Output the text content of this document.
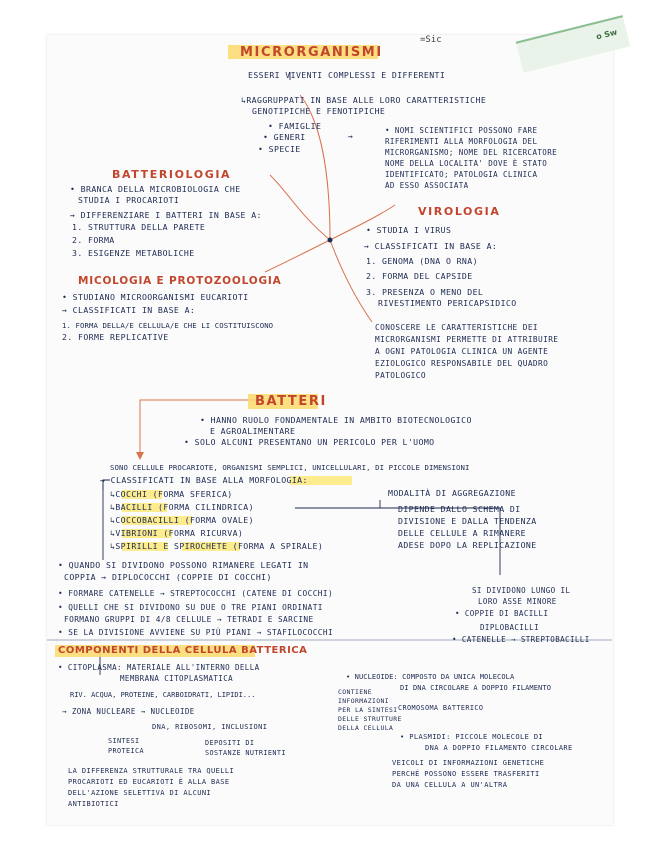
o Sw
=Sic
MICRORGANISMI
ESSERI VIVENTI COMPLESSI E DIFFERENTI
↳RAGGRUPPATI IN BASE ALLE LORO CARATTERISTICHE
GENOTIPICHE E FENOTIPICHE
• FAMIGLIE
• GENERI
• SPECIE
→
• NOMI SCIENTIFICI POSSONO FARE
RIFERIMENTI ALLA MORFOLOGIA DEL
MICRORGANISMO; NOME DEL RICERCATORE
NOME DELLA LOCALITA' DOVE È STATO
IDENTIFICATO; PATOLOGIA CLINICA
AD ESSO ASSOCIATA
BATTERIOLOGIA
• BRANCA DELLA MICROBIOLOGIA CHE
STUDIA I PROCARIOTI
→ DIFFERENZIARE I BATTERI IN BASE A:
1. STRUTTURA DELLA PARETE
2. FORMA
3. ESIGENZE METABOLICHE
VIROLOGIA
• STUDIA I VIRUS
→ CLASSIFICATI IN BASE A:
1. GENOMA (DNA O RNA)
2. FORMA DEL CAPSIDE
3. PRESENZA O MENO DEL
RIVESTIMENTO PERICAPSIDICO
MICOLOGIA E PROTOZOOLOGIA
• STUDIANO MICROORGANISMI EUCARIOTI
→ CLASSIFICATI IN BASE A:
1. FORMA DELLA/E CELLULA/E CHE LI COSTITUISCONO
2. FORME REPLICATIVE
CONOSCERE LE CARATTERISTICHE DEI
MICRORGANISMI PERMETTE DI ATTRIBUIRE
A OGNI PATOLOGIA CLINICA UN AGENTE
EZIOLOGICO RESPONSABILE DEL QUADRO
PATOLOGICO
BATTERI
• HANNO RUOLO FONDAMENTALE IN AMBITO BIOTECNOLOGICO
E AGROALIMENTARE
• SOLO ALCUNI PRESENTANO UN PERICOLO PER L'UOMO
SONO CELLULE PROCARIOTE, ORGANISMI SEMPLICI, UNICELLULARI, DI PICCOLE DIMENSIONI
→ CLASSIFICATI IN BASE ALLA MORFOLOGIA:
↳COCCHI (FORMA SFERICA)
↳BACILLI (FORMA CILINDRICA)
↳COCCOBACILLI (FORMA OVALE)
↳VIBRIONI (FORMA RICURVA)
↳SPIRILLI E SPIROCHETE (FORMA A SPIRALE)
MODALITÀ DI AGGREGAZIONE
DIPENDE DALLO SCHEMA DI
DIVISIONE E DALLA TENDENZA
DELLE CELLULE A RIMANERE
ADESE DOPO LA REPLICAZIONE
• QUANDO SI DIVIDONO POSSONO RIMANERE LEGATI IN
COPPIA → DIPLOCOCCHI (COPPIE DI COCCHI)
• FORMARE CATENELLE → STREPTOCOCCHI (CATENE DI COCCHI)
• QUELLI CHE SI DIVIDONO SU DUE O TRE PIANI ORDINATI
FORMANO GRUPPI DI 4/8 CELLULE → TETRADI E SARCINE
• SE LA DIVISIONE AVVIENE SU PIÙ PIANI → STAFILOCOCCHI
SI DIVIDONO LUNGO IL
LORO ASSE MINORE
• COPPIE DI BACILLI
DIPLOBACILLI
• CATENELLE → STREPTOBACILLI
COMPONENTI DELLA CELLULA BATTERICA
• CITOPLASMA: MATERIALE ALL'INTERNO DELLA
MEMBRANA CITOPLASMATICA
RIV. ACQUA, PROTEINE, CARBOIDRATI, LIPIDI...
→ ZONA NUCLEARE → NUCLEOIDE
DNA, RIBOSOMI, INCLUSIONI
SINTESI
PROTEICA
DEPOSITI DI
SOSTANZE NUTRIENTI
LA DIFFERENZA STRUTTURALE TRA QUELLI
PROCARIOTI ED EUCARIOTI È ALLA BASE
DELL'AZIONE SELETTIVA DI ALCUNI
ANTIBIOTICI
• NUCLEOIDE: COMPOSTO DA UNICA MOLECOLA
DI DNA CIRCOLARE A DOPPIO FILAMENTO
CONTIENE
INFORMAZIONI
PER LA SINTESI
DELLE STRUTTURE
DELLA CELLULA
CROMOSOMA BATTERICO
• PLASMIDI: PICCOLE MOLECOLE DI
DNA A DOPPIO FILAMENTO CIRCOLARE
VEICOLI DI INFORMAZIONI GENETICHE
PERCHÉ POSSONO ESSERE TRASFERITI
DA UNA CELLULA A UN'ALTRA
